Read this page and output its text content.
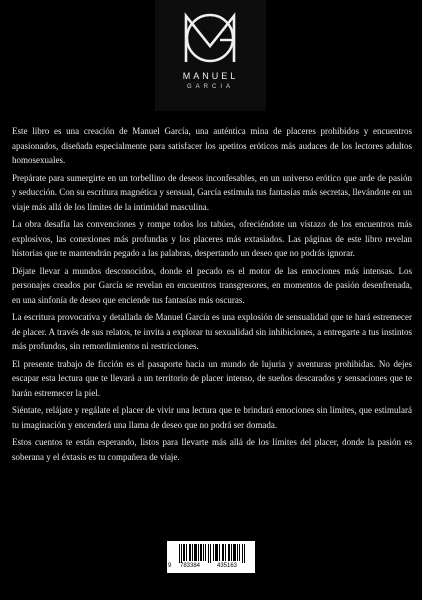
MANUEL
GARCIA

Este libro es una creación de Manuel García, una auténtica mina de placeres prohibidos y encuentros apasionados, diseñada especialmente para satisfacer los apetitos eróticos más audaces de los lectores adultos homosexuales.

Prepárate para sumergirte en un torbellino de deseos inconfesables, en un universo erótico que arde de pasión y seducción. Con su escritura magnética y sensual, García estimula tus fantasías más secretas, llevándote en un viaje más allá de los límites de la intimidad masculina.

La obra desafía las convenciones y rompe todos los tabúes, ofreciéndote un vistazo de los encuentros más explosivos, las conexiones más profundas y los placeres más extasiados. Las páginas de este libro revelan historias que te mantendrán pegado a las palabras, despertando un deseo que no podrás ignorar.

Déjate llevar a mundos desconocidos, donde el pecado es el motor de las emociones más intensas. Los personajes creados por García se revelan en encuentros transgresores, en momentos de pasión desenfrenada, en una sinfonía de deseo que enciende tus fantasías más oscuras.

La escritura provocativa y detallada de Manuel García es una explosión de sensualidad que te hará estremecer de placer. A través de sus relatos, te invita a explorar tu sexualidad sin inhibiciones, a entregarte a tus instintos más profundos, sin remordimientos ni restricciones.

El presente trabajo de ficción es el pasaporte hacia un mundo de lujuria y aventuras prohibidas. No dejes escapar esta lectura que te llevará a un territorio de placer intenso, de sueños descarados y sensaciones que te harán estremecer la piel.

Siéntate, relájate y regálate el placer de vivir una lectura que te brindará emociones sin límites, que estimulará tu imaginación y encenderá una llama de deseo que no podrá ser domada.

Estos cuentos te están esperando, listos para llevarte más allá de los límites del placer, donde la pasión es soberana y el éxtasis es tu compañera de viaje.

9 783384	435163
